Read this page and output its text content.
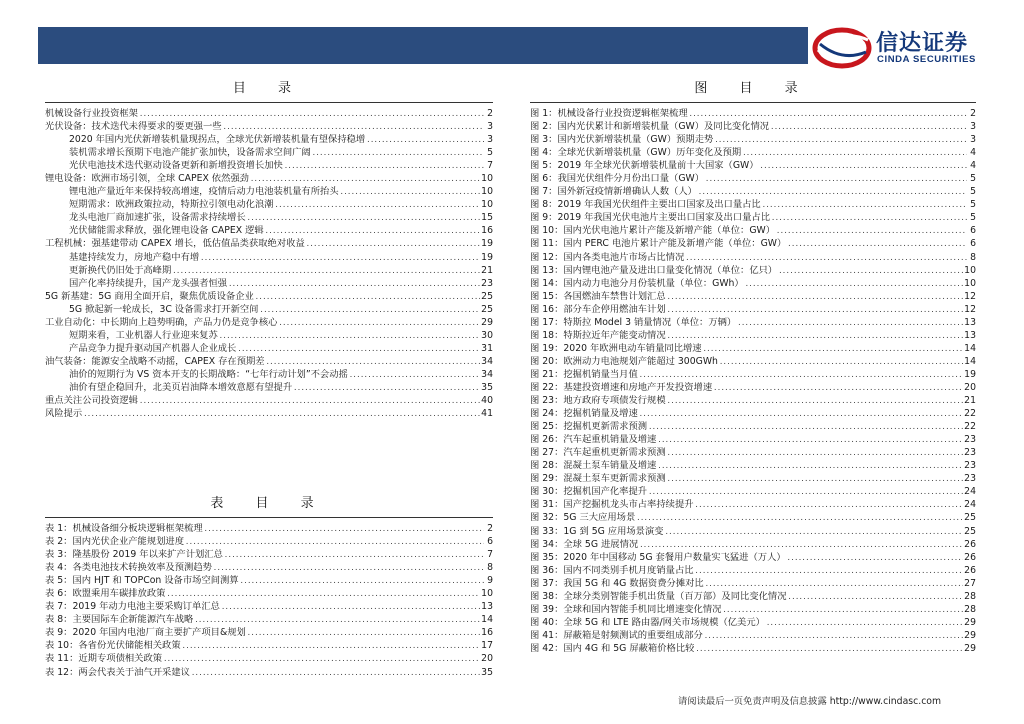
信达证券
CINDA SECURITIES
目 录
机械设备行业投资框架 .....	2
光伏设备：技术迭代未得要求的要更强一些 .....	3
2020 年国内光伏新增装机量现拐点，全球光伏新增装机量有望保持稳增 .....	3
装机需求增长预期下电池产能扩张加快，设备需求空间广阔 .....	5
光伏电池技术迭代驱动设备更新和新增投资增长加快 .....	7
锂电设备：欧洲市场引领，全球 CAPEX 依然强劲 .....	10
锂电池产量近年来保持较高增速，疫情后动力电池装机量有所抬头 .....	10
短期需求：欧洲政策拉动，特斯拉引领电动化浪潮 .....	10
龙头电池厂商加速扩张，设备需求持续增长 .....	15
光伏储能需求释放，强化锂电设备 CAPEX 逻辑 .....	16
工程机械：强基建带动 CAPEX 增长，低估值品类获取绝对收益 .....	19
基建持续发力，房地产稳中有增 .....	19
更新换代仍旧处于高峰期 .....	21
国产化率持续提升，国产龙头强者恒强 .....	23
5G 新基建：5G 商用全面开启，聚焦优质设备企业 .....	25
5G 掀起新一轮成长，3C 设备需求打开新空间 .....	25
工业自动化：中长期向上趋势明确，产品力仍是竞争核心 .....	29
短期来看，工业机器人行业迎来复苏 .....	30
产品竞争力提升驱动国产机器人企业成长 .....	31
油气装备：能源安全战略不动摇，CAPEX 存在预期差 .....	34
油价的短期行为 VS 资本开支的长期战略：“七年行动计划”不会动摇 .....	34
油价有望企稳回升，北美页岩油降本增效意愿有望提升 .....	35
重点关注公司投资逻辑 .....	40
风险提示 .....	41
表 目 录
表 1：机械设备细分板块逻辑框架梳理 .....	2
表 2：国内光伏企业产能规划进度 .....	6
表 3：隆基股份 2019 年以来扩产计划汇总 .....	7
表 4：各类电池技术转换效率及预测趋势 .....	8
表 5：国内 HJT 和 TOPCon 设备市场空间测算 .....	9
表 6：欧盟乘用车碳排放政策 .....	10
表 7：2019 年动力电池主要采购订单汇总 .....	13
表 8：主要国际车企新能源汽车战略 .....	14
表 9：2020 年国内电池厂商主要扩产项目&规划 .....	16
表 10：各省份光伏储能相关政策 .....	17
表 11：近期专项债相关政策 .....	20
表 12：两会代表关于油气开采建议 .....	35
图 目 录
图 1：机械设备行业投资逻辑框架梳理 .....	2
图 2：国内光伏累计和新增装机量（GW）及同比变化情况 .....	3
图 3：国内光伏新增装机量（GW）预期走势 .....	3
图 4：全球光伏新增装机量（GW）历年变化及预期 .....	4
图 5：2019 年全球光伏新增装机量前十大国家（GW） .....	4
图 6：我国光伏组件分月份出口量（GW） .....	5
图 7：国外新冠疫情新增确认人数（人） .....	5
图 8：2019 年我国光伏组件主要出口国家及出口量占比 .....	5
图 9：2019 年我国光伏电池片主要出口国家及出口量占比 .....	5
图 10：国内光伏电池片累计产能及新增产能（单位：GW） .....	6
图 11：国内 PERC 电池片累计产能及新增产能（单位：GW） .....	6
图 12：国内各类电池片市场占比情况 .....	8
图 13：国内锂电池产量及进出口量变化情况（单位：亿只） .....	10
图 14：国内动力电池分月份装机量（单位：GWh） .....	10
图 15：各国燃油车禁售计划汇总 .....	12
图 16：部分车企停用燃油车计划 .....	12
图 17：特斯拉 Model 3 销量情况（单位：万辆） .....	13
图 18：特斯拉近年产能变动情况 .....	13
图 19：2020 年欧洲电动车销量同比增速 .....	14
图 20：欧洲动力电池规划产能超过 300GWh .....	14
图 21：挖掘机销量当月值 .....	19
图 22：基建投资增速和房地产开发投资增速 .....	20
图 23：地方政府专项债发行规模 .....	21
图 24：挖掘机销量及增速 .....	22
图 25：挖掘机更新需求预测 .....	22
图 26：汽车起重机销量及增速 .....	23
图 27：汽车起重机更新需求预测 .....	23
图 28：混凝土泵车销量及增速 .....	23
图 29：混凝土泵车更新需求预测 .....	23
图 30：挖掘机国产化率提升 .....	24
图 31：国产挖掘机龙头市占率持续提升 .....	24
图 32：5G 三大应用场景 .....	25
图 33：1G 到 5G 应用场景演变 .....	25
图 34：全球 5G 进展情况 .....	26
图 35：2020 年中国移动 5G 套餐用户数量实飞猛进（万人） .....	26
图 36：国内不同类别手机月度销量占比 .....	26
图 37：我国 5G 和 4G 数据资费分摊对比 .....	27
图 38：全球分类别智能手机出货量（百万部）及同比变化情况 .....	28
图 39：全球和国内智能手机同比增速变化情况 .....	28
图 40：全球 5G 和 LTE 路由器/网关市场规模（亿美元） .....	29
图 41：屏蔽箱是射频测试的重要组成部分 .....	29
图 42：国内 4G 和 5G 屏蔽箱价格比较 .....	29
请阅读最后一页免责声明及信息披露 http://www.cindasc.com
